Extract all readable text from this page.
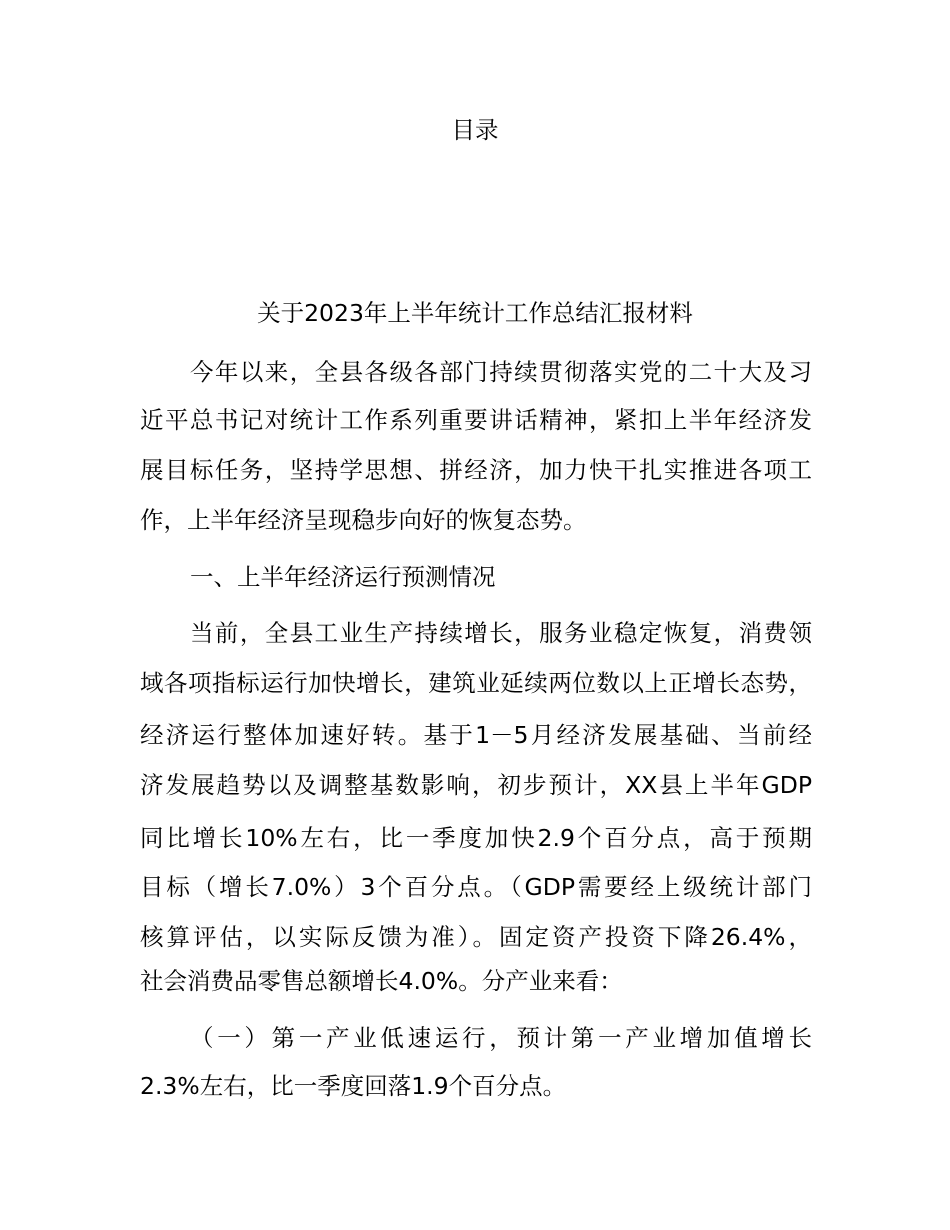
目录
关于2023年上半年统计工作总结汇报材料
今年以来，全县各级各部门持续贯彻落实党的二十大及习
近平总书记对统计工作系列重要讲话精神，紧扣上半年经济发
展目标任务，坚持学思想、拼经济，加力快干扎实推进各项工
作，上半年经济呈现稳步向好的恢复态势。
一、上半年经济运行预测情况
当前，全县工业生产持续增长，服务业稳定恢复，消费领
域各项指标运行加快增长，建筑业延续两位数以上正增长态势，
经济运行整体加速好转。基于1－5月经济发展基础、当前经
济发展趋势以及调整基数影响，初步预计，XX县上半年GDP
同比增长10%左右，比一季度加快2.9个百分点，高于预期
目标（增长7.0%）3个百分点。（GDP需要经上级统计部门
核算评估，以实际反馈为准）。固定资产投资下降26.4%，
社会消费品零售总额增长4.0%。分产业来看：
（一）第一产业低速运行，预计第一产业增加值增长
2.3%左右，比一季度回落1.9个百分点。
